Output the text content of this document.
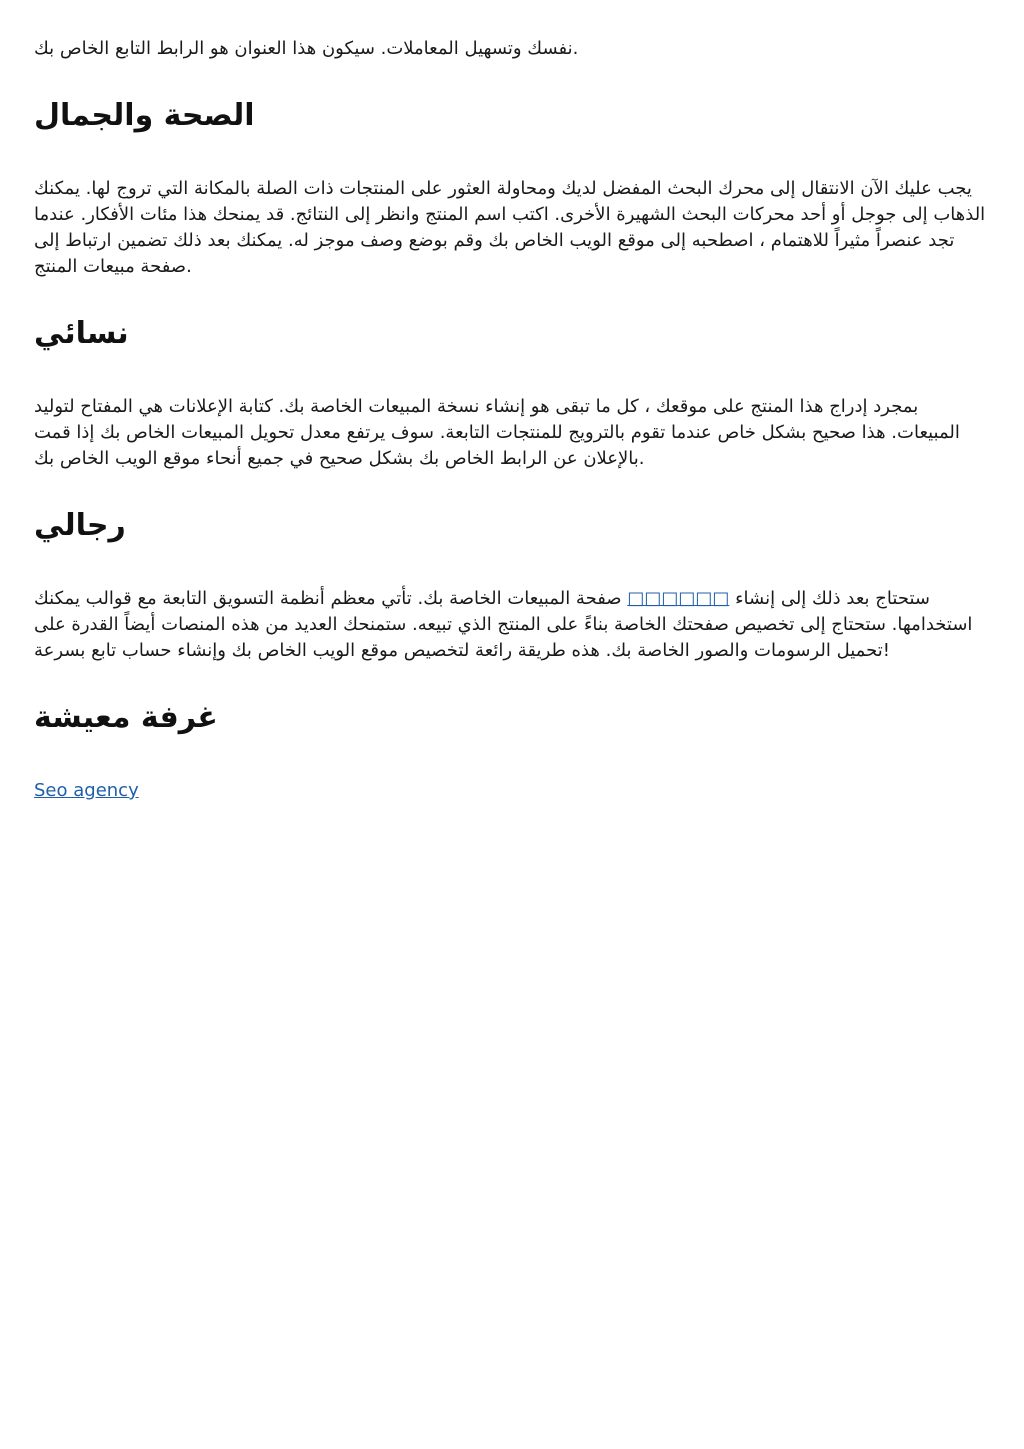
نفسك وتسهيل المعاملات. سيكون هذا العنوان هو الرابط التابع الخاص بك.

الصحة والجمال

يجب عليك الآن الانتقال إلى محرك البحث المفضل لديك ومحاولة العثور على المنتجات ذات الصلة بالمكانة التي تروج لها. يمكنك الذهاب إلى جوجل أو أحد محركات البحث الشهيرة الأخرى. اكتب اسم المنتج وانظر إلى النتائج. قد يمنحك هذا مئات الأفكار. عندما تجد عنصراً مثيراً للاهتمام ، اصطحبه إلى موقع الويب الخاص بك وقم بوضع وصف موجز له. يمكنك بعد ذلك تضمين ارتباط إلى صفحة مبيعات المنتج.

نسائي

بمجرد إدراج هذا المنتج على موقعك ، كل ما تبقى هو إنشاء نسخة المبيعات الخاصة بك. كتابة الإعلانات هي المفتاح لتوليد المبيعات. هذا صحيح بشكل خاص عندما تقوم بالترويج للمنتجات التابعة. سوف يرتفع معدل تحويل المبيعات الخاص بك إذا قمت بالإعلان عن الرابط الخاص بك بشكل صحيح في جميع أنحاء موقع الويب الخاص بك.

رجالي

ستحتاج بعد ذلك إلى إنشاء □□□□□□ صفحة المبيعات الخاصة بك. تأتي معظم أنظمة التسويق التابعة مع قوالب يمكنك استخدامها. ستحتاج إلى تخصيص صفحتك الخاصة بناءً على المنتج الذي تبيعه. ستمنحك العديد من هذه المنصات أيضاً القدرة على تحميل الرسومات والصور الخاصة بك. هذه طريقة رائعة لتخصيص موقع الويب الخاص بك وإنشاء حساب تابع بسرعة!

غرفة معيشة

Seo agency
